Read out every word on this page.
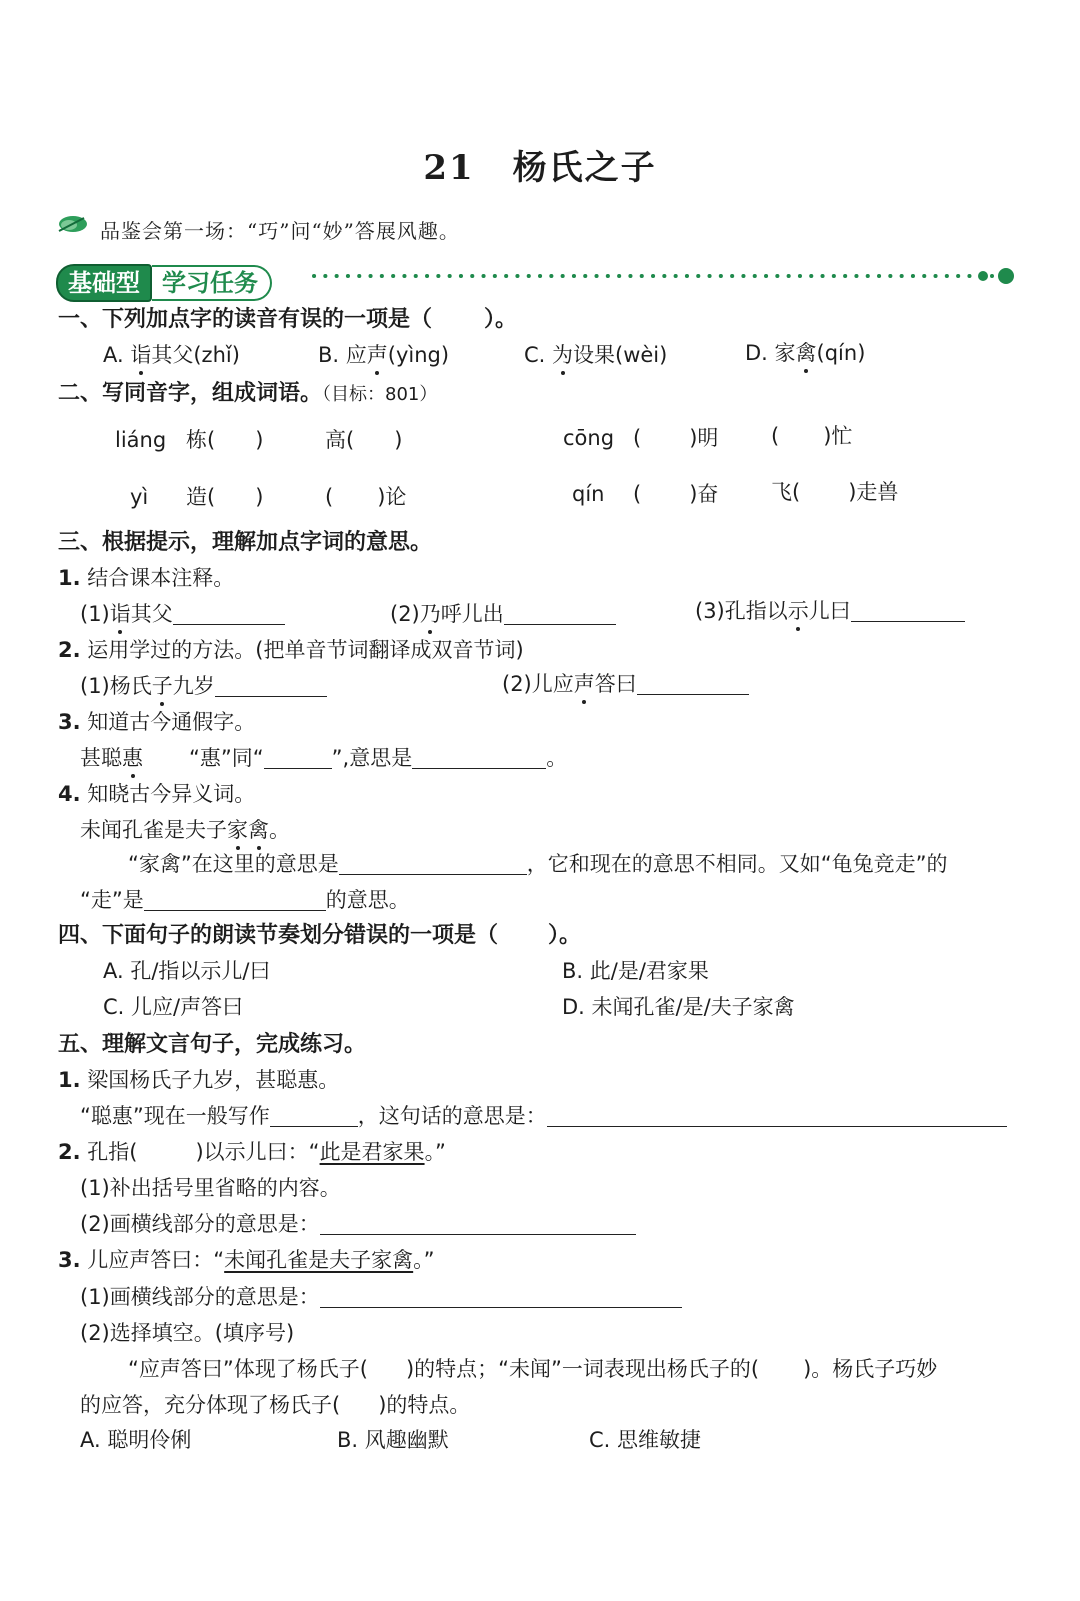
21 杨氏之子
品鉴会第一场：“巧”问“妙”答展风趣。
基础型 学习任务
一、下列加点字的读音有误的一项是（ ）。
A. 诣其父(zhǐ)	B. 应声(yìng)	C. 为设果(wèi)	D. 家禽(qín)
二、写同音字，组成词语。（目标：801）
liáng 栋( )	高( )	cōng ( )明	( )忙
yì 造( )	( )论	qín ( )奋	飞( )走兽
三、根据提示，理解加点字词的意思。
1. 结合课本注释。
(1)诣其父	(2)乃呼儿出	(3)孔指以示儿曰
2. 运用学过的方法。(把单音节词翻译成双音节词)
(1)杨氏子九岁	(2)儿应声答曰
3. 知道古今通假字。
甚聪惠 “惠”同“	”,意思是	。
4. 知晓古今异义词。
未闻孔雀是夫子家禽。
“家禽”在这里的意思是	，它和现在的意思不相同。又如“龟兔竞走”的
“走”是	的意思。
四、下面句子的朗读节奏划分错误的一项是（ ）。
A. 孔/指以示儿/曰	B. 此/是/君家果
C. 儿应/声答曰	D. 未闻孔雀/是/夫子家禽
五、理解文言句子，完成练习。
1. 梁国杨氏子九岁，甚聪惠。
“聪惠”现在一般写作	，这句话的意思是：
2. 孔指(	)以示儿曰：“此是君家果。”
(1)补出括号里省略的内容。
(2)画横线部分的意思是：
3. 儿应声答曰：“未闻孔雀是夫子家禽。”
(1)画横线部分的意思是：
(2)选择填空。(填序号)
“应声答曰”体现了杨氏子( )的特点；“未闻”一词表现出杨氏子的( )。杨氏子巧妙
的应答，充分体现了杨氏子( )的特点。
A. 聪明伶俐	B. 风趣幽默	C. 思维敏捷
